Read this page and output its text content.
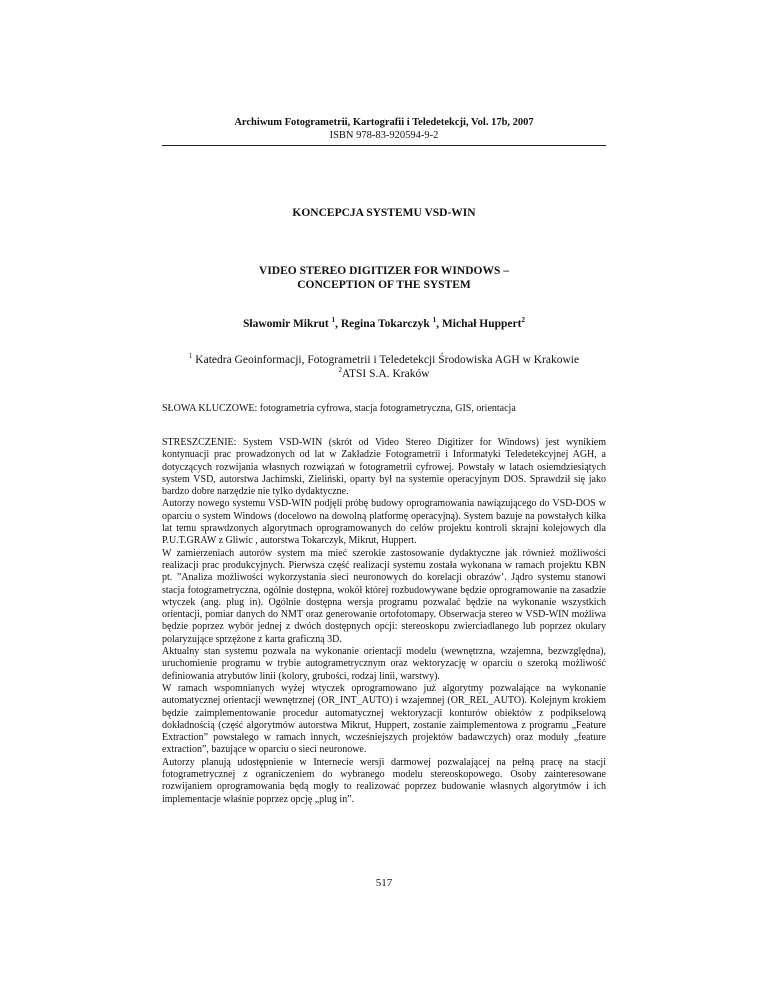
Archiwum Fotogrametrii, Kartografii i Teledetekcji, Vol. 17b, 2007
ISBN 978-83-920594-9-2
KONCEPCJA SYSTEMU VSD-WIN
VIDEO STEREO DIGITIZER FOR WINDOWS –
CONCEPTION OF THE SYSTEM
Sławomir Mikrut $^1$, Regina Tokarczyk $^1$, Michał Huppert$^2$
$^1$ Katedra Geoinformacji, Fotogrametrii i Teledetekcji Środowiska AGH w Krakowie
$^2$ATSI S.A. Kraków
SŁOWA KLUCZOWE: fotogrametria cyfrowa, stacja fotogrametryczna, GIS, orientacja

STRESZCZENIE: System VSD-WIN (skrót od Video Stereo Digitizer for Windows) jest wynikiem kontynuacji prac prowadzonych od lat w Zakładzie Fotogrametrii i Informatyki Teledetekcyjnej AGH, a dotyczących rozwijania własnych rozwiązań w fotogrametrii cyfrowej. Powstały w latach osiemdziesiątych system VSD, autorstwa Jachimski, Zieliński, oparty był na systemie operacyjnym DOS. Sprawdził się jako bardzo dobre narzędzie nie tylko dydaktyczne.

Autorzy nowego systemu VSD-WIN podjęli próbę budowy oprogramowania nawiązującego do VSD-DOS w oparciu o system Windows (docelowo na dowolną platformę operacyjną). System bazuje na powstałych kilka lat temu sprawdzonych algorytmach oprogramowanych do celów projektu kontroli skrajni kolejowych dla P.U.T.GRAW z Gliwic , autorstwa Tokarczyk, Mikrut, Huppert.

W zamierzeniach autorów system ma mieć szerokie zastosowanie dydaktyczne jak również możliwości realizacji prac produkcyjnych. Pierwsza część realizacji systemu została wykonana w ramach projektu KBN pt. ”Analiza możliwości wykorzystania sieci neuronowych do korelacji obrazów’. Jądro systemu stanowi stacja fotogrametryczna, ogólnie dostępna, wokół której rozbudowywane będzie oprogramowanie na zasadzie wtyczek (ang. plug in). Ogólnie dostępna wersja programu pozwalać będzie na wykonanie wszystkich orientacji, pomiar danych do NMT oraz generowanie ortofotomapy. Obserwacja stereo w VSD-WIN możliwa będzie poprzez wybór jednej z dwóch dostępnych opcji: stereoskopu zwierciadlanego lub poprzez okulary polaryzujące sprzężone z karta graficzną 3D.

Aktualny stan systemu pozwala na wykonanie orientacji modelu (wewnętrzna, wzajemna, bezwzględna), uruchomienie programu w trybie autogrametrycznym oraz wektoryzację w oparciu o szeroką możliwość definiowania atrybutów linii (kolory, grubości, rodzaj linii, warstwy).

W ramach wspomnianych wyżej wtyczek oprogramowano już algorytmy pozwalające na wykonanie automatycznej orientacji wewnętrznej (OR_INT_AUTO) i wzajemnej (OR_REL_AUTO). Kolejnym krokiem będzie zaimplementowanie procedur automatycznej wektoryzacji konturów obiektów z podpikselową dokładnością (część algorytmów autorstwa Mikrut, Huppert, zostanie zaimplementowa z programu „Feature Extraction” powstałego w ramach innych, wcześniejszych projektów badawczych) oraz moduły „feature extraction”, bazujące w oparciu o sieci neuronowe.

Autorzy planują udostępnienie w Internecie wersji darmowej pozwalającej na pełną pracę na stacji fotogrametrycznej z ograniczeniem do wybranego modelu stereoskopowego. Osoby zainteresowane rozwijaniem oprogramowania będą mogły to realizować poprzez budowanie własnych algorytmów i ich implementacje właśnie poprzez opcję „plug in”.

517
